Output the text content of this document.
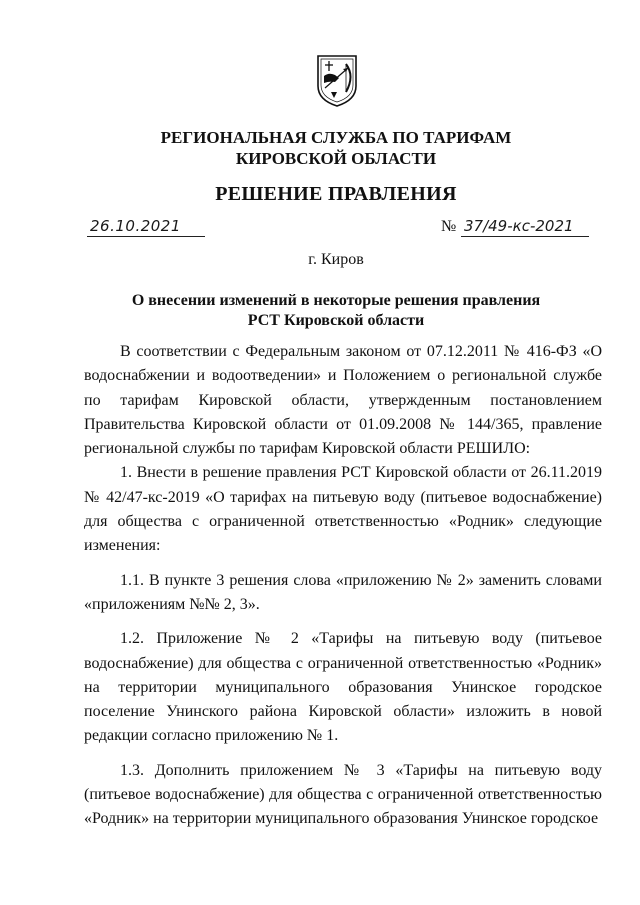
РЕГИОНАЛЬНАЯ СЛУЖБА ПО ТАРИФАМ
КИРОВСКОЙ ОБЛАСТИ
РЕШЕНИЕ ПРАВЛЕНИЯ
26.10.2021	№ 37/49-кс-2021
г. Киров
О внесении изменений в некоторые решения правления
РСТ Кировской области

В соответствии с Федеральным законом от 07.12.2011 № 416-ФЗ «О водоснабжении и водоотведении» и Положением о региональной службе по тарифам Кировской области, утвержденным постановлением Правительства Кировской области от 01.09.2008 № 144/365, правление региональной службы по тарифам Кировской области РЕШИЛО:

1. Внести в решение правления РСТ Кировской области от 26.11.2019 № 42/47-кс-2019 «О тарифах на питьевую воду (питьевое водоснабжение) для общества с ограниченной ответственностью «Родник» следующие изменения:

1.1. В пункте 3 решения слова «приложению № 2» заменить словами «приложениям №№ 2, 3».

1.2. Приложение № 2 «Тарифы на питьевую воду (питьевое водоснабжение) для общества с ограниченной ответственностью «Родник» на территории муниципального образования Унинское городское поселение Унинского района Кировской области» изложить в новой редакции согласно приложению № 1.

1.3. Дополнить приложением № 3 «Тарифы на питьевую воду (питьевое водоснабжение) для общества с ограниченной ответственностью «Родник» на территории муниципального образования Унинское городское
